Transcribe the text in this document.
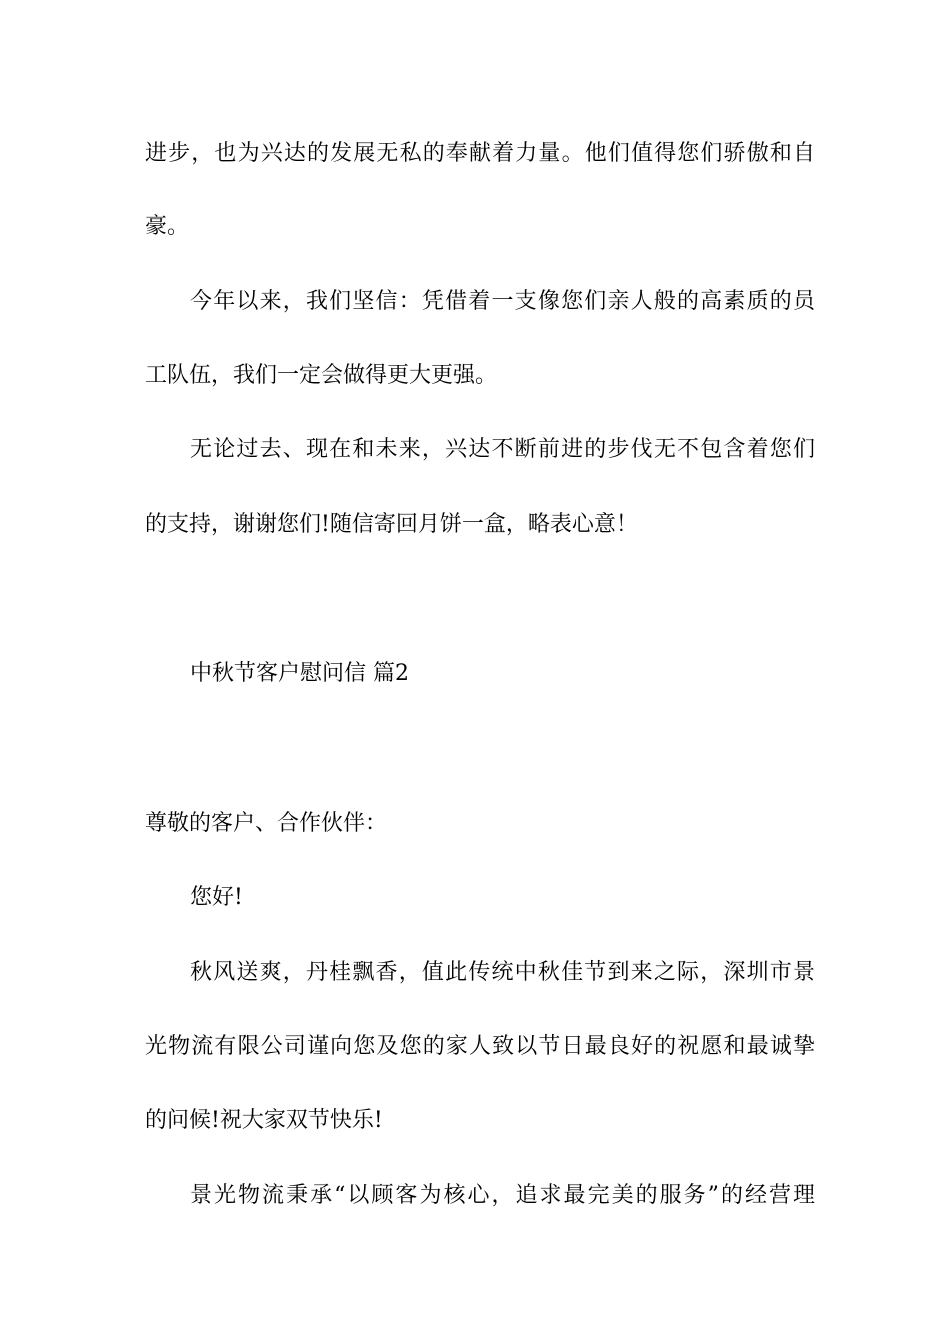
进步，也为兴达的发展无私的奉献着力量。他们值得您们骄傲和自
豪。
今年以来，我们坚信：凭借着一支像您们亲人般的高素质的员
工队伍，我们一定会做得更大更强。
无论过去、现在和未来，兴达不断前进的步伐无不包含着您们
的支持，谢谢您们!随信寄回月饼一盒，略表心意！
中秋节客户慰问信 篇2
尊敬的客户、合作伙伴：
您好!
秋风送爽，丹桂飘香，值此传统中秋佳节到来之际，深圳市景
光物流有限公司谨向您及您的家人致以节日最良好的祝愿和最诚挚
的问候!祝大家双节快乐!
景光物流秉承“以顾客为核心，追求最完美的服务”的经营理
